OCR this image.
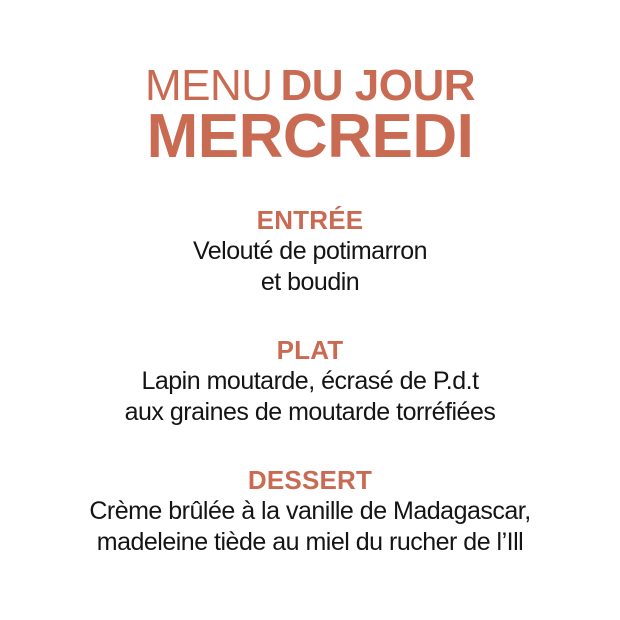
MENU DU JOUR
MERCREDI
ENTRÉE

Velouté de potimarron

et boudin

PLAT

Lapin moutarde, écrasé de P.d.t

aux graines de moutarde torréfiées

DESSERT

Crème brûlée à la vanille de Madagascar,

madeleine tiède au miel du rucher de l’Ill
